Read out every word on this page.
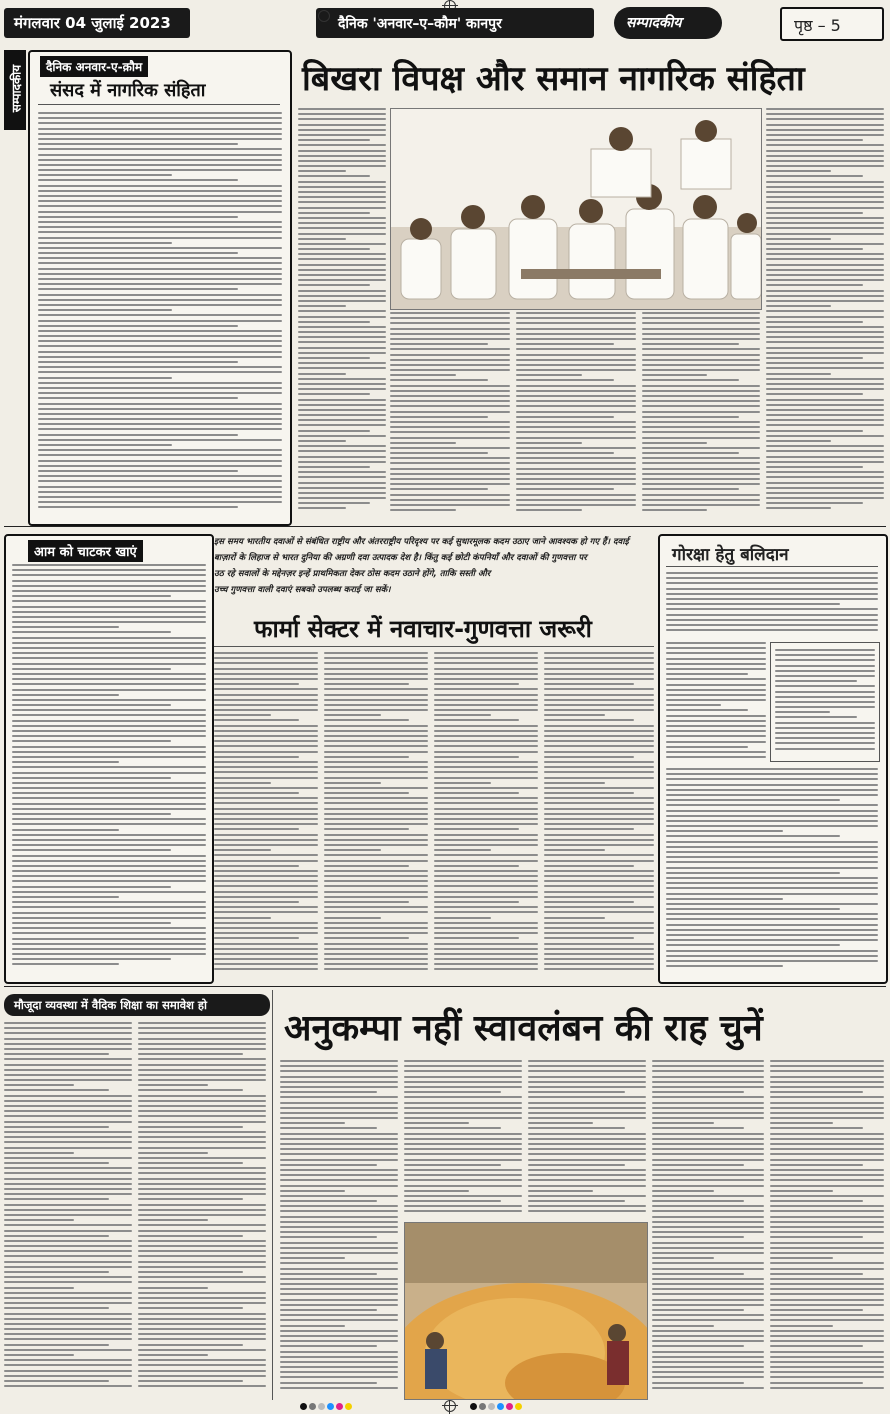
मंगलवार 04 जुलाई 2023	दैनिक 'अनवार–ए–कौम' कानपुर	सम्पादकीय	पृष्ठ – 5
सम्पादकीय	दैनिक अनवार-ए-क़ौम
संसद में नागरिक संहिता	बिखरा विपक्ष और समान नागरिक संहिता
आम को चाटकर खाएं
इस समय भारतीय दवाओं से संबंधित राष्ट्रीय और अंतरराष्ट्रीय परिदृश्य पर कई सुधारमूलक कदम उठाए जाने आवश्यक हो गए हैं। दवाई
बाज़ारों के लिहाज से भारत दुनिया की अग्रणी दवा उत्पादक देश है। किंतु कई छोटी कंपनियाँ और दवाओं की गुणवत्ता पर
उठ रहे सवालों के मद्देनज़र इन्हें प्राथमिकता देकर ठोस कदम उठाने होंगे, ताकि सस्ती और
उच्च गुणवत्ता वाली दवाएं सबको उपलब्ध कराई जा सकें।
फार्मा सेक्टर में नवाचार-गुणवत्ता जरूरी
गोरक्षा हेतु बलिदान
मौजूदा व्यवस्था में वैदिक शिक्षा का समावेश हो
अनुकम्पा नहीं स्वावलंबन की राह चुनें
